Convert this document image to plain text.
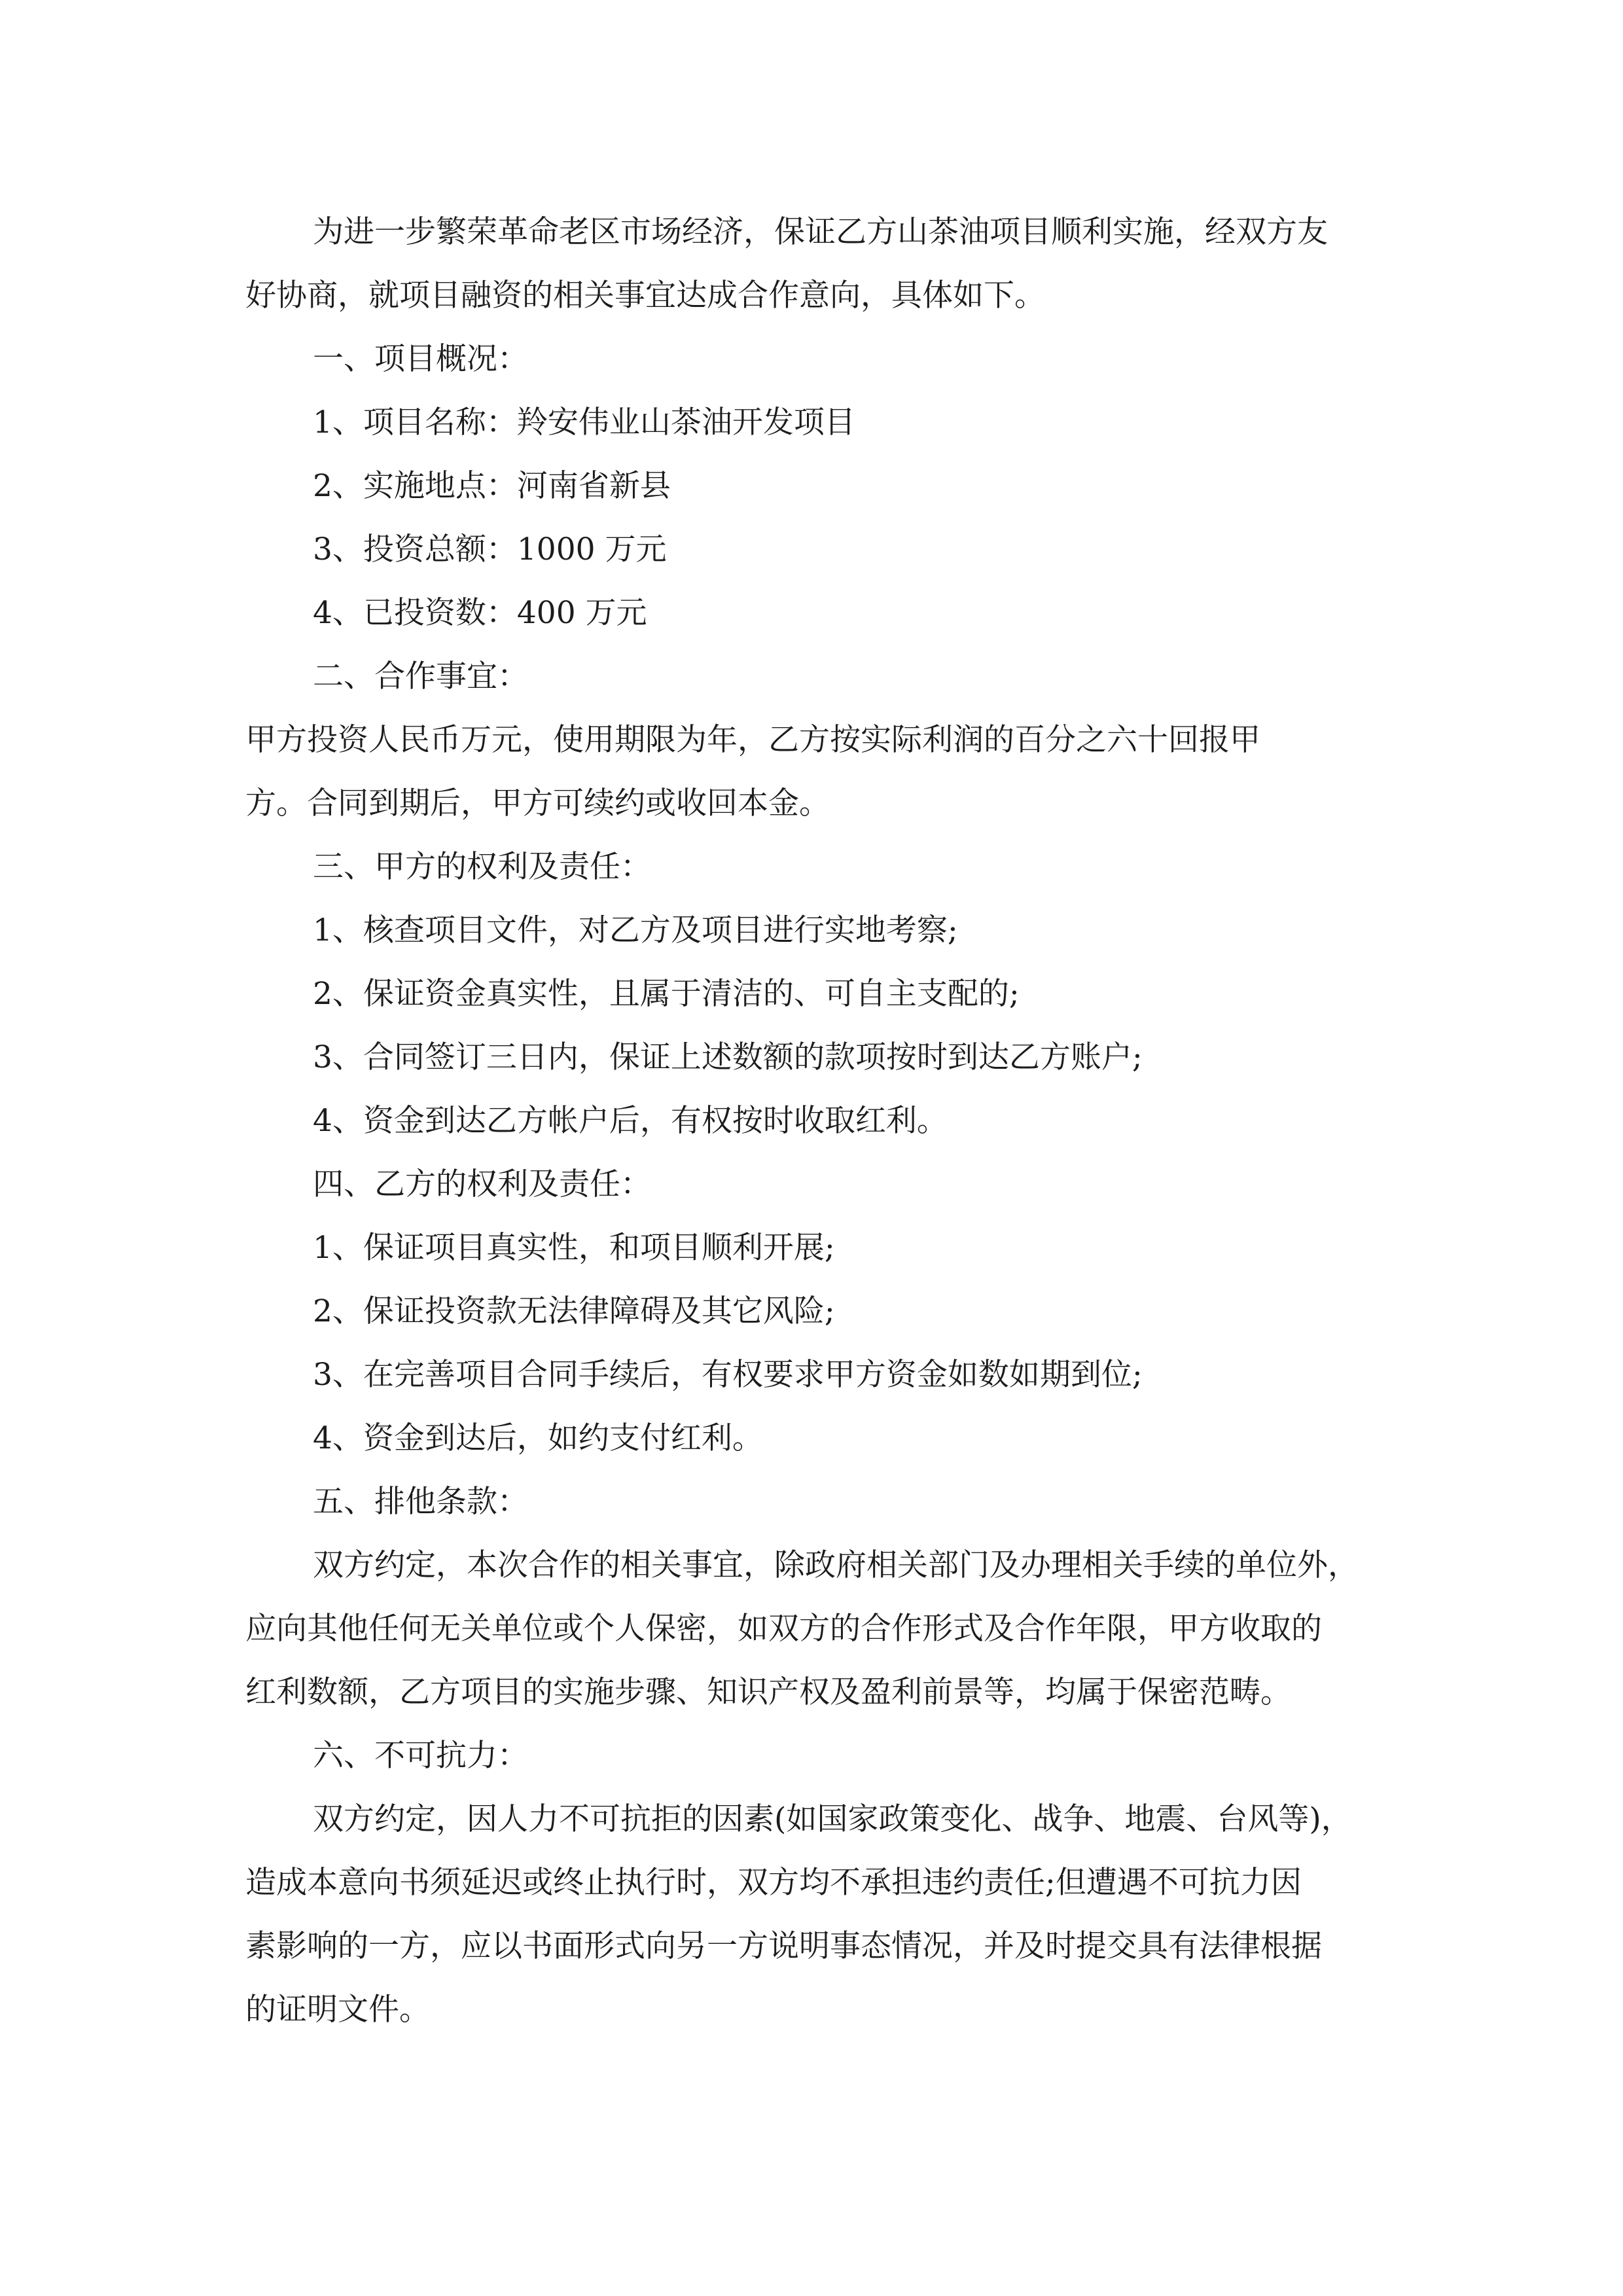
为进一步繁荣革命老区市场经济，保证乙方山茶油项目顺利实施，经双方友

好协商，就项目融资的相关事宜达成合作意向，具体如下。

一、项目概况：

1、项目名称：羚安伟业山茶油开发项目

2、实施地点：河南省新县

3、投资总额：1000 万元

4、已投资数：400 万元

二、合作事宜：

甲方投资人民币万元，使用期限为年，乙方按实际利润的百分之六十回报甲

方。合同到期后，甲方可续约或收回本金。

三、甲方的权利及责任：

1、核查项目文件，对乙方及项目进行实地考察;

2、保证资金真实性，且属于清洁的、可自主支配的;

3、合同签订三日内，保证上述数额的款项按时到达乙方账户;

4、资金到达乙方帐户后，有权按时收取红利。

四、乙方的权利及责任：

1、保证项目真实性，和项目顺利开展;

2、保证投资款无法律障碍及其它风险;

3、在完善项目合同手续后，有权要求甲方资金如数如期到位;

4、资金到达后，如约支付红利。

五、排他条款：

双方约定，本次合作的相关事宜，除政府相关部门及办理相关手续的单位外，

应向其他任何无关单位或个人保密，如双方的合作形式及合作年限，甲方收取的

红利数额，乙方项目的实施步骤、知识产权及盈利前景等，均属于保密范畴。

六、不可抗力：

双方约定，因人力不可抗拒的因素(如国家政策变化、战争、地震、台风等)，

造成本意向书须延迟或终止执行时，双方均不承担违约责任;但遭遇不可抗力因

素影响的一方，应以书面形式向另一方说明事态情况，并及时提交具有法律根据

的证明文件。
